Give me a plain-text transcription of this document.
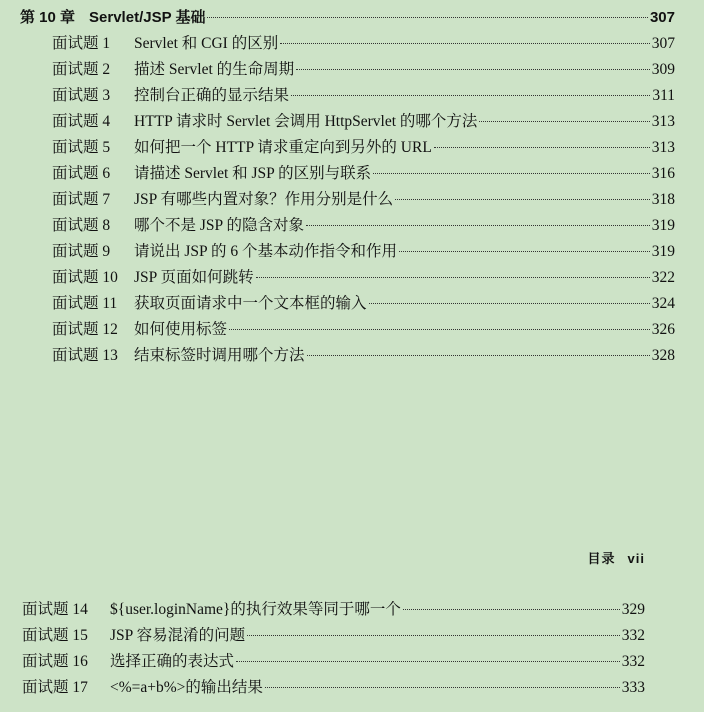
第 10 章 Servlet/JSP 基础	307
面试题 1	Servlet 和 CGI 的区别	307
面试题 2	描述 Servlet 的生命周期	309
面试题 3	控制台正确的显示结果	311
面试题 4	HTTP 请求时 Servlet 会调用 HttpServlet 的哪个方法	313
面试题 5	如何把一个 HTTP 请求重定向到另外的 URL	313
面试题 6	请描述 Servlet 和 JSP 的区别与联系	316
面试题 7	JSP 有哪些内置对象？作用分别是什么	318
面试题 8	哪个不是 JSP 的隐含对象	319
面试题 9	请说出 JSP 的 6 个基本动作指令和作用	319
面试题 10	JSP 页面如何跳转	322
面试题 11	获取页面请求中一个文本框的输入	324
面试题 12	如何使用标签	326
面试题 13	结束标签时调用哪个方法	328
目录 vii
面试题 14	${user.loginName}的执行效果等同于哪一个	329
面试题 15	JSP 容易混淆的问题	332
面试题 16	选择正确的表达式	332
面试题 17	<%=a+b%>的输出结果	333
